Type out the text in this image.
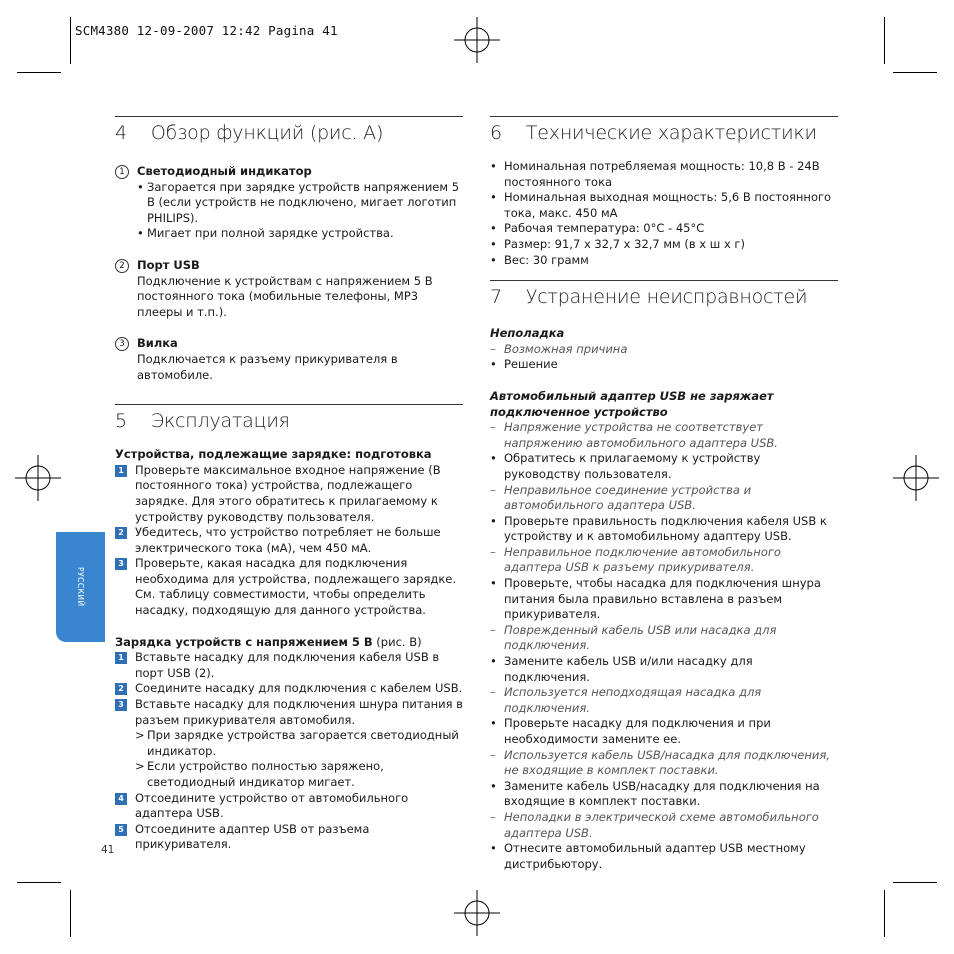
SCM4380 12-09-2007 12:42 Pagina 41
РУССКИЙ
4 Обзор функций (рис. A)
1	Светодиодный индикатор
• Загорается при зарядке устройств напряжением 5 В (если устройств не подключено, мигает логотип PHILIPS).
• Мигает при полной зарядке устройства.
2	Порт USB
Подключение к устройствам с напряжением 5 В постоянного тока (мобильные телефоны, MP3 плееры и т.п.).
3	Вилка
Подключается к разъему прикуривателя в автомобиле.
5 Эксплуатация
Устройства, подлежащие зарядке: подготовка
1 Проверьте максимальное входное напряжение (В постоянного тока) устройства, подлежащего зарядке. Для этого обратитесь к прилагаемому к устройству руководству пользователя.
2 Убедитесь, что устройство потребляет не больше электрического тока (мА), чем 450 мА.
3 Проверьте, какая насадка для подключения необходима для устройства, подлежащего зарядке. См. таблицу совместимости, чтобы определить насадку, подходящую для данного устройства.
Зарядка устройств с напряжением 5 В (рис. B)
1 Вставьте насадку для подключения кабеля USB в порт USB (2).
2 Соедините насадку для подключения с кабелем USB.
3 Вставьте насадку для подключения шнура питания в разъем прикуривателя автомобиля.
> При зарядке устройства загорается светодиодный индикатор.
> Если устройство полностью заряжено, светодиодный индикатор мигает.
4 Отсоедините устройство от автомобильного адаптера USB.
5 Отсоедините адаптер USB от разъема прикуривателя.
6 Технические характеристики
• Номинальная потребляемая мощность: 10,8 В - 24В постоянного тока
• Номинальная выходная мощность: 5,6 В постоянного тока, макс. 450 мА
• Рабочая температура: 0°C - 45°C
• Размер: 91,7 x 32,7 x 32,7 мм (в x ш x г)
• Вес: 30 грамм
7 Устранение неисправностей
Неполадка
– Возможная причина
• Решение
Автомобильный адаптер USB не заряжает подключенное устройство
– Напряжение устройства не соответствует напряжению автомобильного адаптера USB.
• Обратитесь к прилагаемому к устройству руководству пользователя.
– Неправильное соединение устройства и автомобильного адаптера USB.
• Проверьте правильность подключения кабеля USB к устройству и к автомобильному адаптеру USB.
– Неправильное подключение автомобильного адаптера USB к разъему прикуривателя.
• Проверьте, чтобы насадка для подключения шнура питания была правильно вставлена в разъем прикуривателя.
– Поврежденный кабель USB или насадка для подключения.
• Замените кабель USB и/или насадку для подключения.
– Используется неподходящая насадка для подключения.
• Проверьте насадку для подключения и при необходимости замените ее.
– Используется кабель USB/насадка для подключения, не входящие в комплект поставки.
• Замените кабель USB/насадку для подключения на входящие в комплект поставки.
– Неполадки в электрической схеме автомобильного адаптера USB.
• Отнесите автомобильный адаптер USB местному дистрибьютору.
41
